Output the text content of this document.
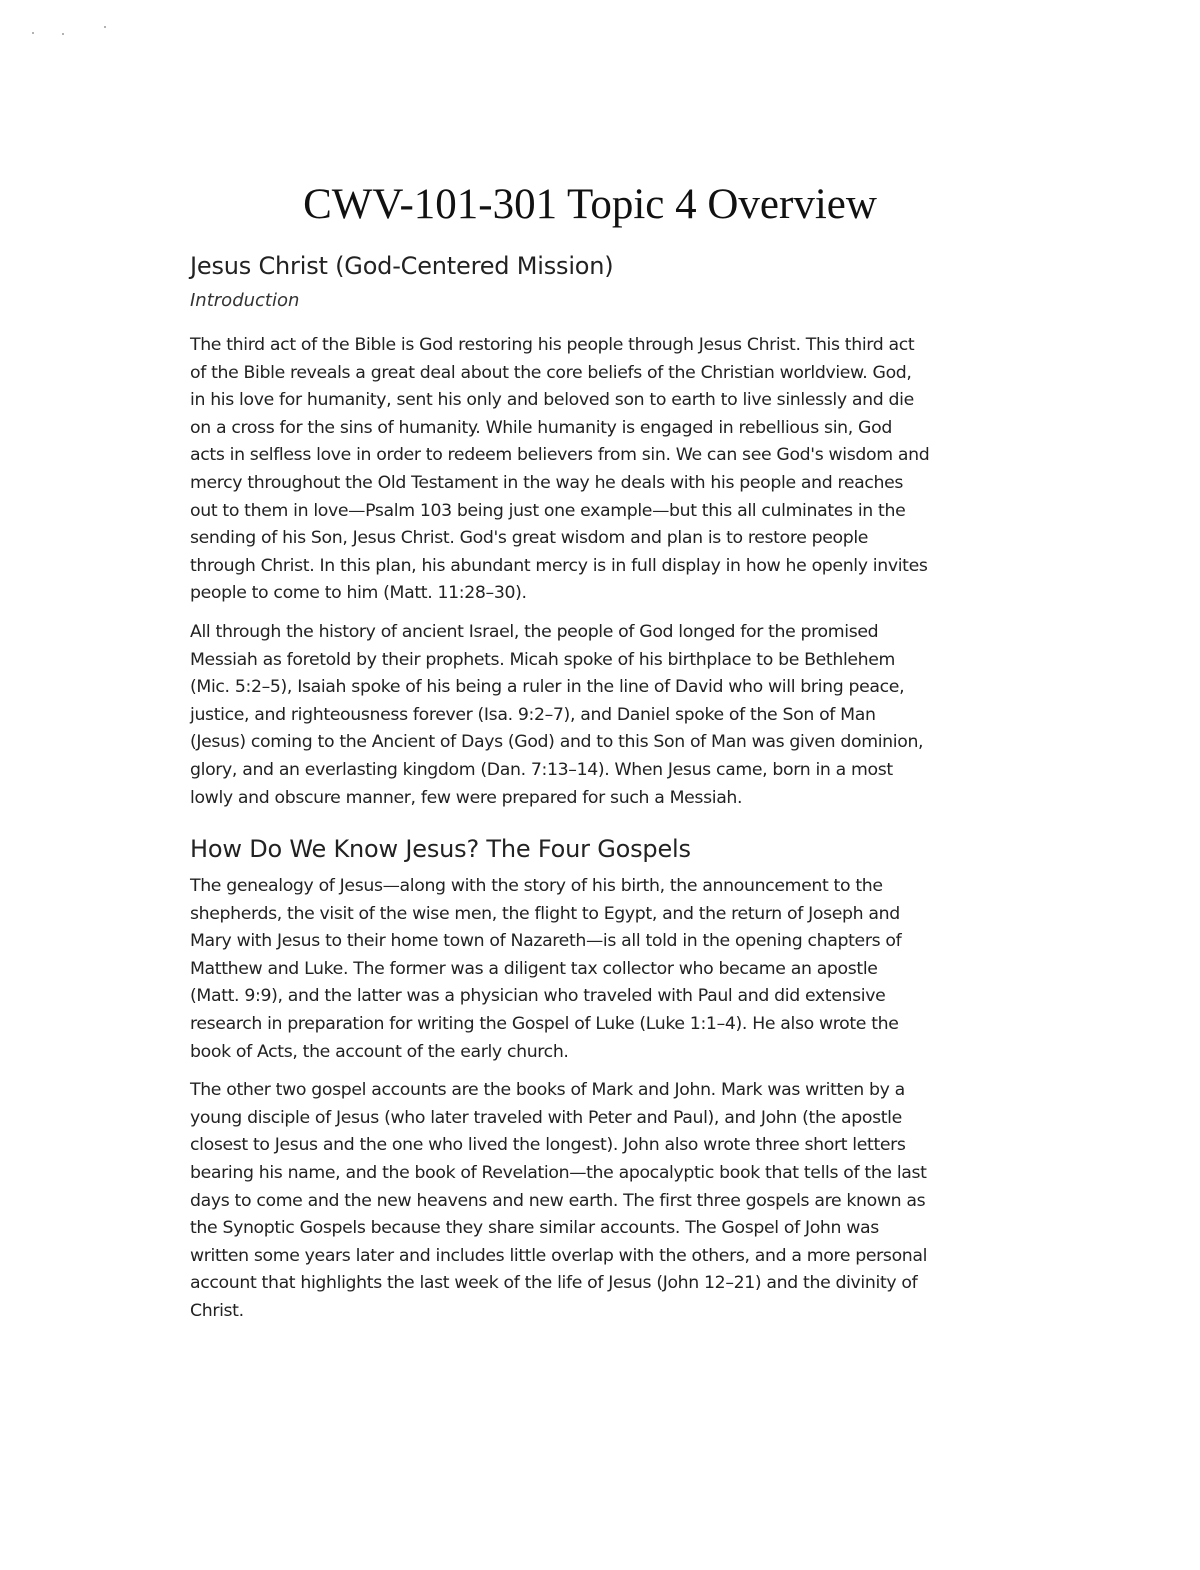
CWV-101-301 Topic 4 Overview
Jesus Christ (God-Centered Mission)
Introduction

The third act of the Bible is God restoring his people through Jesus Christ. This third act
of the Bible reveals a great deal about the core beliefs of the Christian worldview. God,
in his love for humanity, sent his only and beloved son to earth to live sinlessly and die
on a cross for the sins of humanity. While humanity is engaged in rebellious sin, God
acts in selfless love in order to redeem believers from sin. We can see God's wisdom and
mercy throughout the Old Testament in the way he deals with his people and reaches
out to them in love—Psalm 103 being just one example—but this all culminates in the
sending of his Son, Jesus Christ. God's great wisdom and plan is to restore people
through Christ. In this plan, his abundant mercy is in full display in how he openly invites
people to come to him (Matt. 11:28–30).

All through the history of ancient Israel, the people of God longed for the promised
Messiah as foretold by their prophets. Micah spoke of his birthplace to be Bethlehem
(Mic. 5:2–5), Isaiah spoke of his being a ruler in the line of David who will bring peace,
justice, and righteousness forever (Isa. 9:2–7), and Daniel spoke of the Son of Man
(Jesus) coming to the Ancient of Days (God) and to this Son of Man was given dominion,
glory, and an everlasting kingdom (Dan. 7:13–14). When Jesus came, born in a most
lowly and obscure manner, few were prepared for such a Messiah.

How Do We Know Jesus? The Four Gospels

The genealogy of Jesus—along with the story of his birth, the announcement to the
shepherds, the visit of the wise men, the flight to Egypt, and the return of Joseph and
Mary with Jesus to their home town of Nazareth—is all told in the opening chapters of
Matthew and Luke. The former was a diligent tax collector who became an apostle
(Matt. 9:9), and the latter was a physician who traveled with Paul and did extensive
research in preparation for writing the Gospel of Luke (Luke 1:1–4). He also wrote the
book of Acts, the account of the early church.

The other two gospel accounts are the books of Mark and John. Mark was written by a
young disciple of Jesus (who later traveled with Peter and Paul), and John (the apostle
closest to Jesus and the one who lived the longest). John also wrote three short letters
bearing his name, and the book of Revelation—the apocalyptic book that tells of the last
days to come and the new heavens and new earth. The first three gospels are known as
the Synoptic Gospels because they share similar accounts. The Gospel of John was
written some years later and includes little overlap with the others, and a more personal
account that highlights the last week of the life of Jesus (John 12–21) and the divinity of
Christ.
